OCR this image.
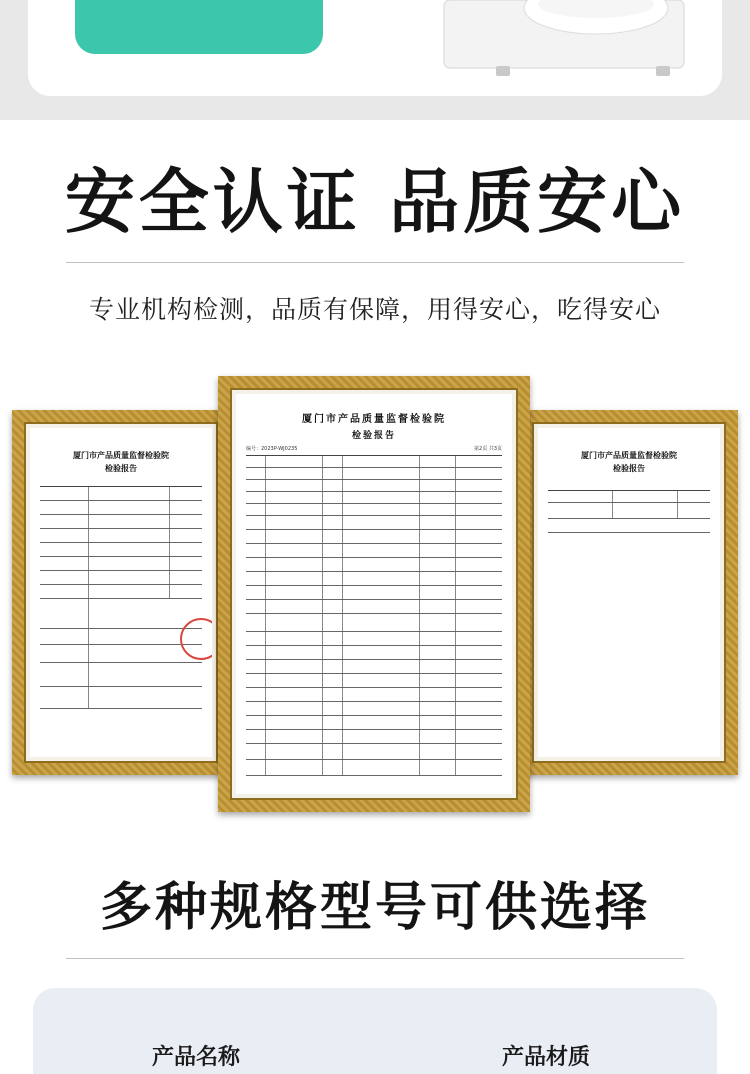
安全认证 品质安心
专业机构检测，品质有保障，用得安心，吃得安心
厦门市产品质量监督检验院
检验报告
厦门市产品质量监督检验院
检验报告
厦门市产品质量监督检验院
检验报告
编号：2023P-WJ0235	第2页 共3页
多种规格型号可供选择
产品名称	产品材质
